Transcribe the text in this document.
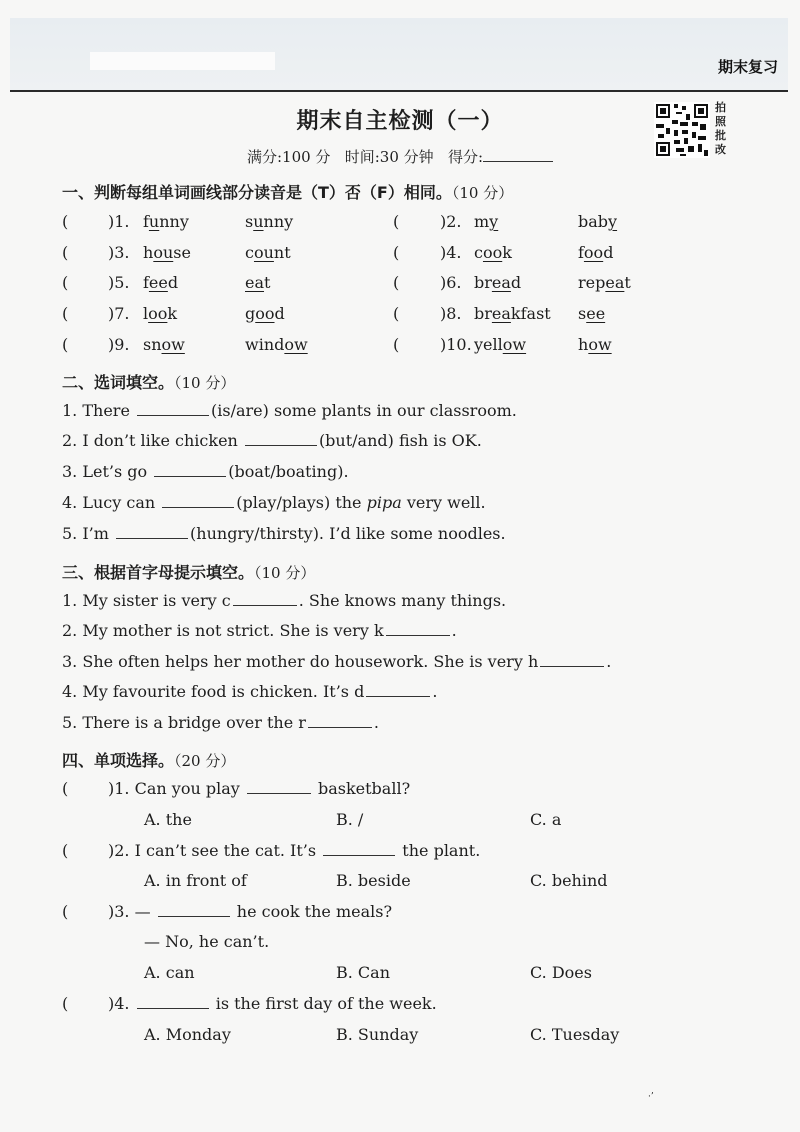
期末复习
期末自主检测（一）
满分:100 分 时间:30 分钟 得分:
拍
照
批
改
一、判断每组单词画线部分读音是（T）否（F）相同。（10 分）
( )1. funny	sunny	(	)2. my	baby
( )3. house	count	(	)4. cook	food
( )5. feed	eat	(	)6. bread	repeat
( )7. look	good	(	)8. breakfast see
( )9. snow	window	(	)10. yellow	how
二、选词填空。（10 分）
1. There	(is/are) some plants in our classroom.
2. I don’t like chicken	(but/and) fish is OK.
3. Let’s go	(boat/boating).
4. Lucy can	(play/plays) the pipa very well.
5. I’m	(hungry/thirsty). I’d like some noodles.
三、根据首字母提示填空。（10 分）
1. My sister is very c	. She knows many things.
2. My mother is not strict. She is very k	.
3. She often helps her mother do housework. She is very h	.
4. My favourite food is chicken. It’s d	.
5. There is a bridge over the r	.
四、单项选择。（20 分）
( )1. Can you play	basketball?
A. the	B. /	C. a
( )2. I can’t see the cat. It’s	the plant.
A. in front of	B. beside	C. behind
( )3. —	he cook the meals?
— No, he can’t.
A. can	B. Can	C. Does
( )4.	is the first day of the week.
A. Monday	B. Sunday	C. Tuesday
·’
